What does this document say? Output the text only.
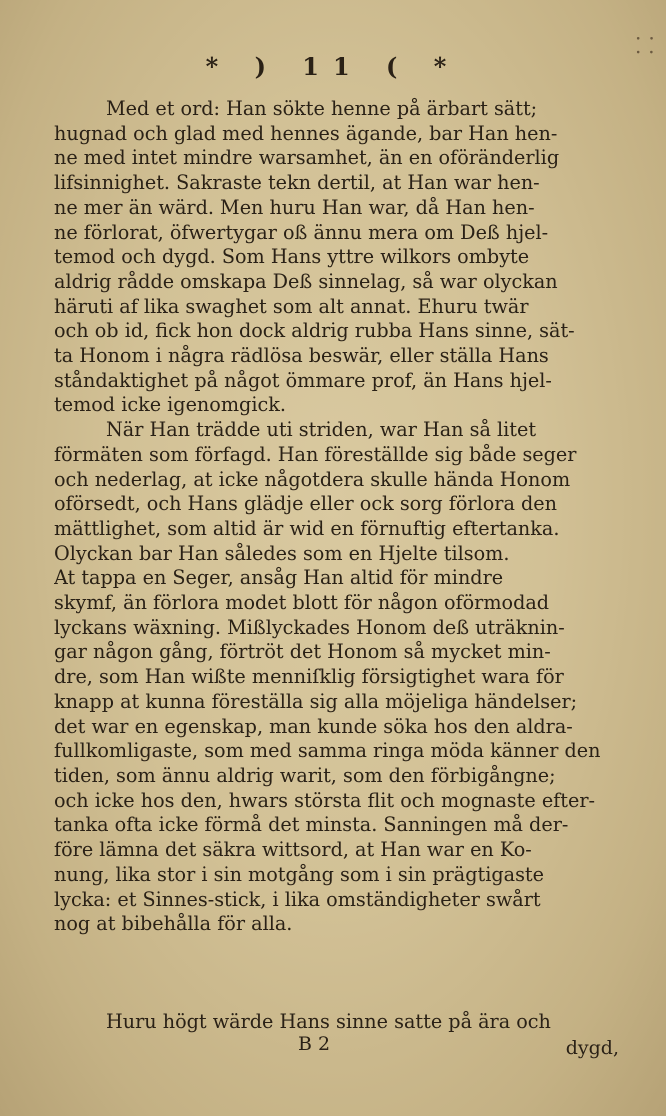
* ) 11 ( *
⸬
Med et ord: Han sökte henne på ärbart sätt;
hugnad och glad med hennes ägande, bar Han hen-
ne med intet mindre warsamhet, än en oföränderlig
lifsinnighet. Sakraste tekn dertil, at Han war hen-
ne mer än wärd. Men huru Han war, då Han hen-
ne förlorat, öfwertygar oß ännu mera om Deß hjel-
temod och dygd. Som Hans yttre wilkors ombyte
aldrig rådde omskapa Deß sinnelag, så war olyckan
häruti af lika swaghet som alt annat. Ehuru twär
och ob id, fick hon dock aldrig rubba Hans sinne, sät-
ta Honom i några rädlösa beswär, eller ställa Hans
ståndaktighet på något ömmare prof, än Hans hjel-
temod icke igenomgick.
När Han trädde uti striden, war Han så litet
förmäten som förfagd. Han föreställde sig både seger
och nederlag, at icke någotdera skulle hända Honom
oförsedt, och Hans glädje eller ock sorg förlora den
mättlighet, som altid är wid en förnuftig eftertanka.
Olyckan bar Han således som en Hjelte tilsom.
At tappa en Seger, ansåg Han altid för mindre
skymf, än förlora modet blott för någon oförmodad
lyckans wäxning. Mißlyckades Honom deß uträknin-
gar någon gång, förtröt det Honom så mycket min-
dre, som Han wißte menniſklig försigtighet wara för
knapp at kunna föreställa sig alla möjeliga händelser;
det war en egenskap, man kunde söka hos den aldra-
fullkomligaste, som med samma ringa möda känner den
tiden, som ännu aldrig warit, som den förbigångne;
och icke hos den, hwars största flit och mognaste efter-
tanka ofta icke förmå det minsta. Sanningen må der-
före lämna det säkra wittsord, at Han war en Ko-
nung, lika stor i sin motgång som i sin prägtigaste
lycka: et Sinnes-stick, i lika omständigheter swårt
nog at bibehålla för alla.
Huru högt wärde Hans sinne satte på ära och
B 2	dygd,
